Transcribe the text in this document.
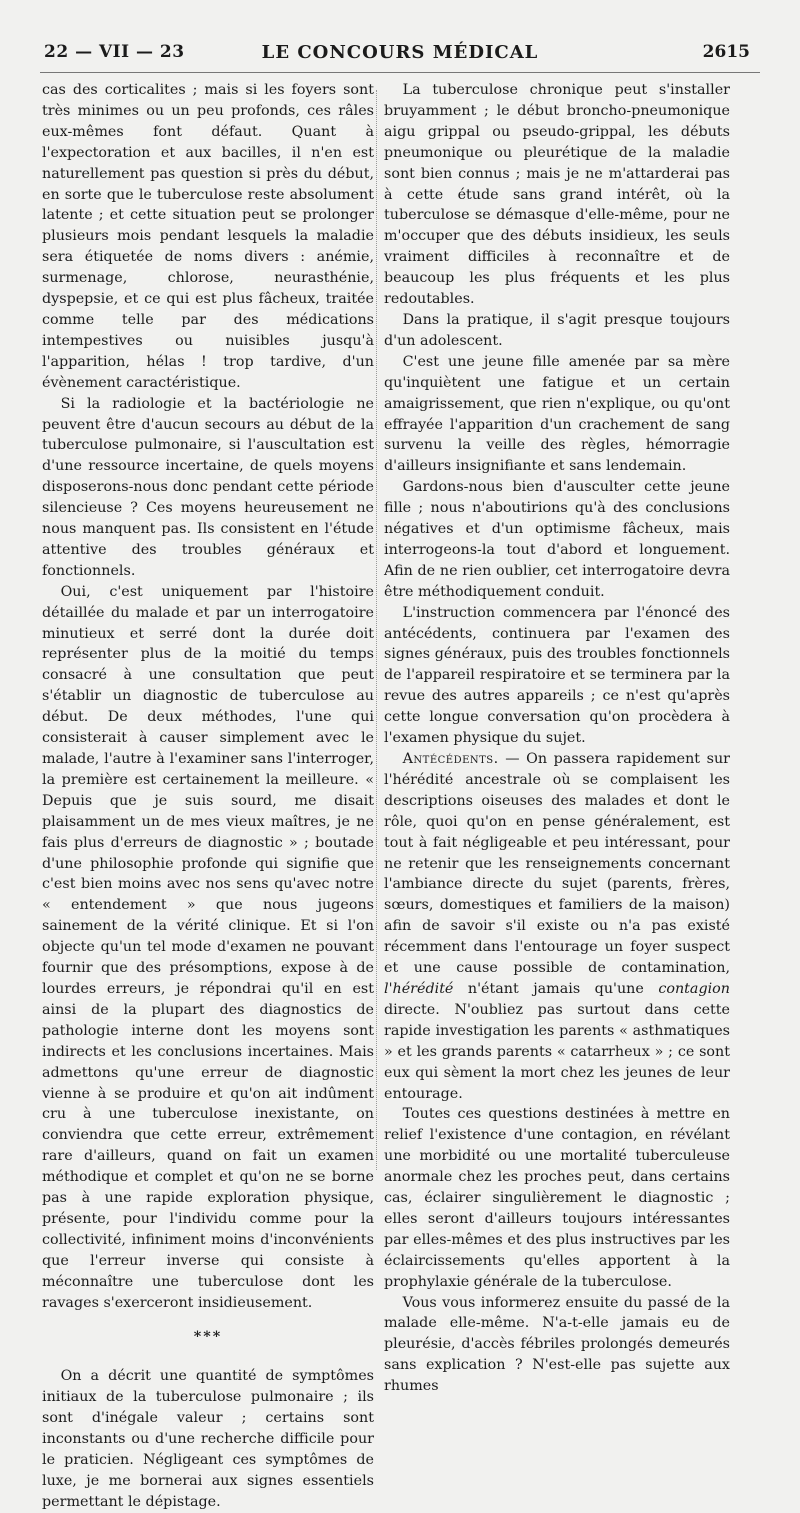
22 — VII — 23	LE CONCOURS MÉDICAL	2615

cas des corticalites ; mais si les foyers sont très minimes ou un peu profonds, ces râles eux-mêmes font défaut. Quant à l'expectoration et aux bacilles, il n'en est naturellement pas question si près du début, en sorte que le tuberculose reste absolument latente ; et cette situation peut se prolonger plusieurs mois pendant lesquels la maladie sera étiquetée de noms divers : anémie, surmenage, chlorose, neurasthénie, dyspepsie, et ce qui est plus fâcheux, traitée comme telle par des médications intempestives ou nuisibles jusqu'à l'apparition, hélas ! trop tardive, d'un évènement caractéristique.

Si la radiologie et la bactériologie ne peuvent être d'aucun secours au début de la tuberculose pulmonaire, si l'auscultation est d'une ressource incertaine, de quels moyens disposerons-nous donc pendant cette période silencieuse ? Ces moyens heureusement ne nous manquent pas. Ils consistent en l'étude attentive des troubles généraux et fonctionnels.

Oui, c'est uniquement par l'histoire détaillée du malade et par un interrogatoire minutieux et serré dont la durée doit représenter plus de la moitié du temps consacré à une consultation que peut s'établir un diagnostic de tuberculose au début. De deux méthodes, l'une qui consisterait à causer simplement avec le malade, l'autre à l'examiner sans l'interroger, la première est certainement la meilleure. « Depuis que je suis sourd, me disait plaisamment un de mes vieux maîtres, je ne fais plus d'erreurs de diagnostic » ; boutade d'une philosophie profonde qui signifie que c'est bien moins avec nos sens qu'avec notre « entendement » que nous jugeons sainement de la vérité clinique. Et si l'on objecte qu'un tel mode d'examen ne pouvant fournir que des présomptions, expose à de lourdes erreurs, je répondrai qu'il en est ainsi de la plupart des diagnostics de pathologie interne dont les moyens sont indirects et les conclusions incertaines. Mais admettons qu'une erreur de diagnostic vienne à se produire et qu'on ait indûment cru à une tuberculose inexistante, on conviendra que cette erreur, extrêmement rare d'ailleurs, quand on fait un examen méthodique et complet et qu'on ne se borne pas à une rapide exploration physique, présente, pour l'individu comme pour la collectivité, infiniment moins d'inconvénients que l'erreur inverse qui consiste à méconnaître une tuberculose dont les ravages s'exerceront insidieusement.

***

On a décrit une quantité de symptômes initiaux de la tuberculose pulmonaire ; ils sont d'inégale valeur ; certains sont inconstants ou d'une recherche difficile pour le praticien. Négligeant ces symptômes de luxe, je me bornerai aux signes essentiels permettant le dépistage.

La tuberculose chronique peut s'installer bruyamment ; le début broncho-pneumonique aigu grippal ou pseudo-grippal, les débuts pneumonique ou pleurétique de la maladie sont bien connus ; mais je ne m'attarderai pas à cette étude sans grand intérêt, où la tuberculose se démasque d'elle-même, pour ne m'occuper que des débuts insidieux, les seuls vraiment difficiles à reconnaître et de beaucoup les plus fréquents et les plus redoutables.

Dans la pratique, il s'agit presque toujours d'un adolescent.

C'est une jeune fille amenée par sa mère qu'inquiètent une fatigue et un certain amaigrissement, que rien n'explique, ou qu'ont effrayée l'apparition d'un crachement de sang survenu la veille des règles, hémorragie d'ailleurs insignifiante et sans lendemain.

Gardons-nous bien d'ausculter cette jeune fille ; nous n'aboutirions qu'à des conclusions négatives et d'un optimisme fâcheux, mais interrogeons-la tout d'abord et longuement. Afin de ne rien oublier, cet interrogatoire devra être méthodiquement conduit.

L'instruction commencera par l'énoncé des antécédents, continuera par l'examen des signes généraux, puis des troubles fonctionnels de l'appareil respiratoire et se terminera par la revue des autres appareils ; ce n'est qu'après cette longue conversation qu'on procèdera à l'examen physique du sujet.

Antécédents. — On passera rapidement sur l'hérédité ancestrale où se complaisent les descriptions oiseuses des malades et dont le rôle, quoi qu'on en pense généralement, est tout à fait négligeable et peu intéressant, pour ne retenir que les renseignements concernant l'ambiance directe du sujet (parents, frères, sœurs, domestiques et familiers de la maison) afin de savoir s'il existe ou n'a pas existé récemment dans l'entourage un foyer suspect et une cause possible de contamination, l'hérédité n'étant jamais qu'une contagion directe. N'oubliez pas surtout dans cette rapide investigation les parents « asthmatiques » et les grands parents « catarrheux » ; ce sont eux qui sèment la mort chez les jeunes de leur entourage.

Toutes ces questions destinées à mettre en relief l'existence d'une contagion, en révélant une morbidité ou une mortalité tuberculeuse anormale chez les proches peut, dans certains cas, éclairer singulièrement le diagnostic ; elles seront d'ailleurs toujours intéressantes par elles-mêmes et des plus instructives par les éclaircissements qu'elles apportent à la prophylaxie générale de la tuberculose.

Vous vous informerez ensuite du passé de la malade elle-même. N'a-t-elle jamais eu de pleurésie, d'accès fébriles prolongés demeurés sans explication ? N'est-elle pas sujette aux rhumes
